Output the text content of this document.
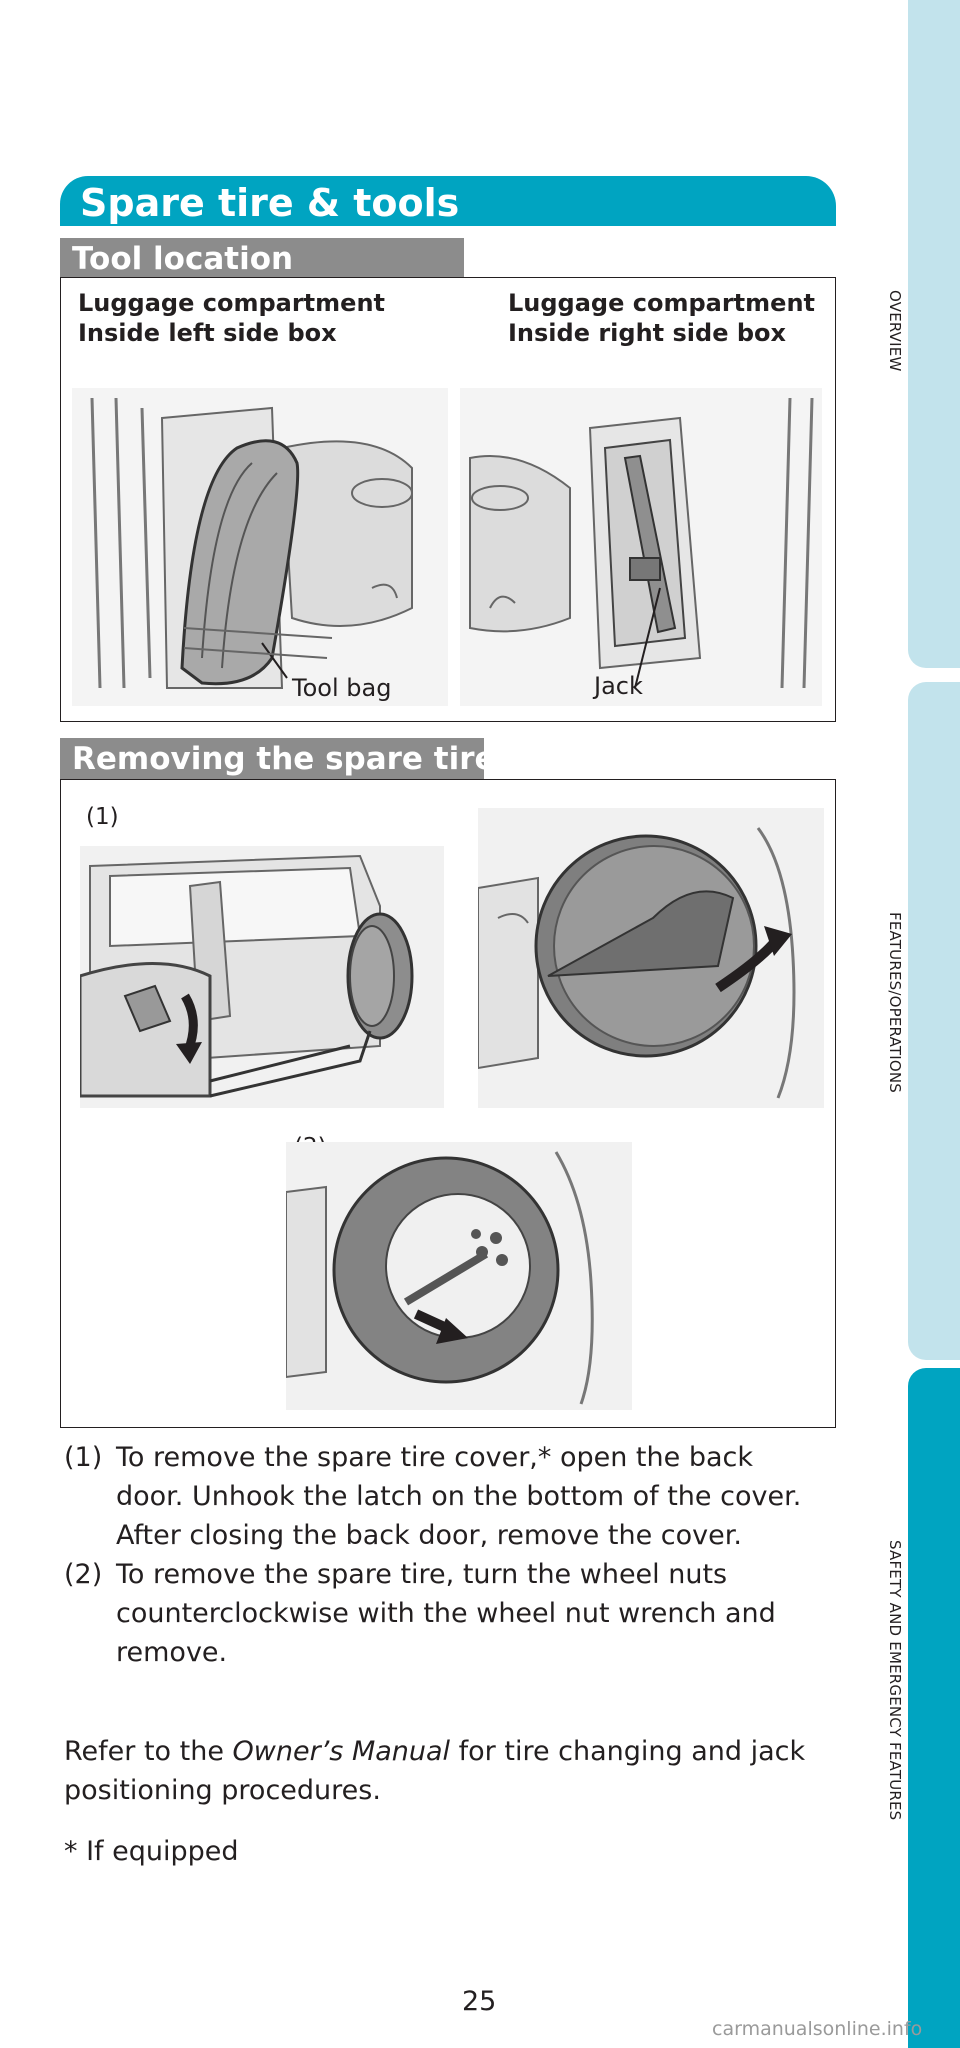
OVERVIEW
FEATURES/OPERATIONS
SAFETY AND EMERGENCY FEATURES
Spare tire & tools
Tool location
Luggage compartment
Inside left side box
Luggage compartment
Inside right side box
Tool bag	Jack
Removing the spare tire
(1)
(1) To remove the spare tire cover,* open the back door. Unhook the latch on the bottom of the cover. After closing the back door, remove the cover.
(2) To remove the spare tire, turn the wheel nuts counterclockwise with the wheel nut wrench and remove.
Refer to the Owner’s Manual for tire changing and jack positioning procedures.
* If equipped
25
carmanualsonline.info
